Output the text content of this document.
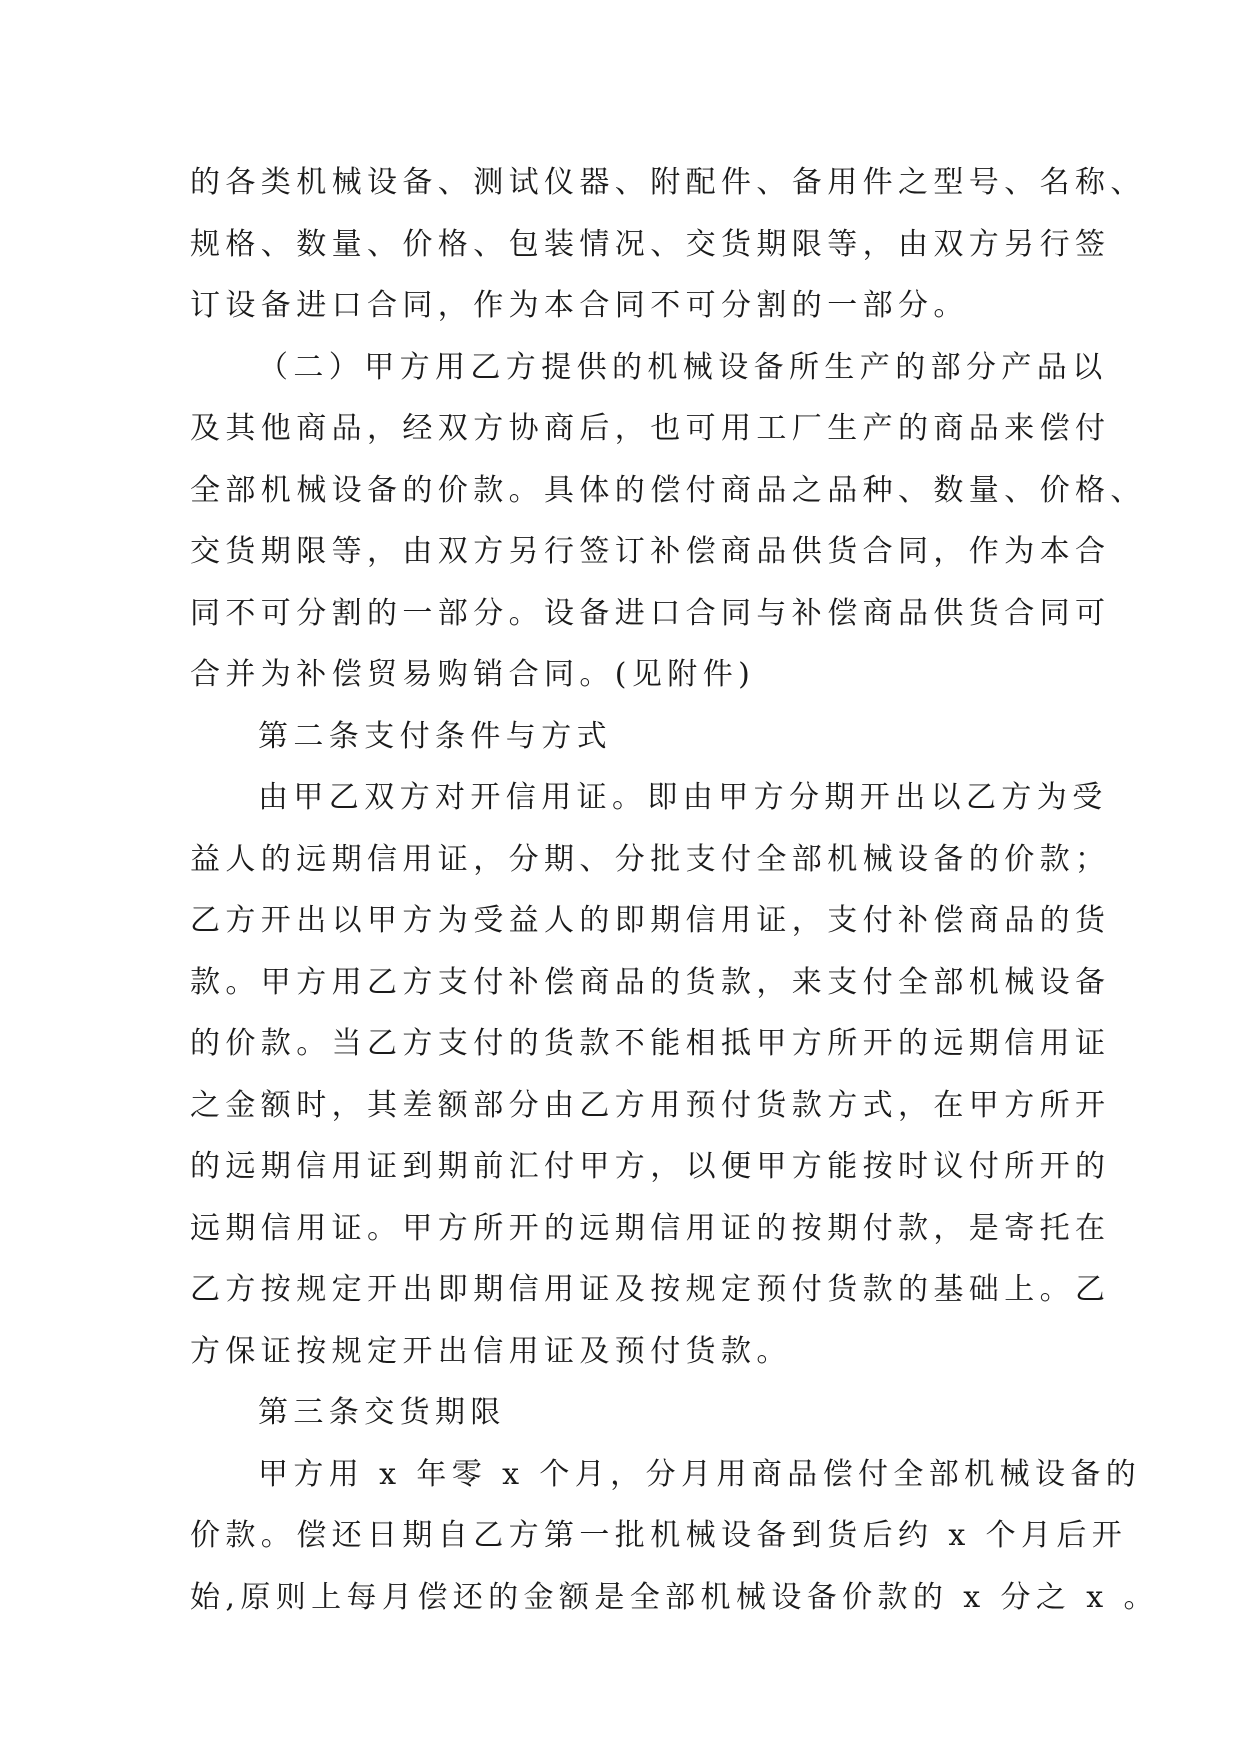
的各类机械设备、测试仪器、附配件、备用件之型号、名称、
规格、数量、价格、包装情况、交货期限等，由双方另行签
订设备进口合同，作为本合同不可分割的一部分。
（二）甲方用乙方提供的机械设备所生产的部分产品以
及其他商品，经双方协商后，也可用工厂生产的商品来偿付
全部机械设备的价款。具体的偿付商品之品种、数量、价格、
交货期限等，由双方另行签订补偿商品供货合同，作为本合
同不可分割的一部分。设备进口合同与补偿商品供货合同可
合并为补偿贸易购销合同。(见附件)
第二条支付条件与方式
由甲乙双方对开信用证。即由甲方分期开出以乙方为受
益人的远期信用证，分期、分批支付全部机械设备的价款；
乙方开出以甲方为受益人的即期信用证，支付补偿商品的货
款。甲方用乙方支付补偿商品的货款，来支付全部机械设备
的价款。当乙方支付的货款不能相抵甲方所开的远期信用证
之金额时，其差额部分由乙方用预付货款方式，在甲方所开
的远期信用证到期前汇付甲方，以便甲方能按时议付所开的
远期信用证。甲方所开的远期信用证的按期付款，是寄托在
乙方按规定开出即期信用证及按规定预付货款的基础上。乙
方保证按规定开出信用证及预付货款。
第三条交货期限
甲方用 x 年零 x 个月，分月用商品偿付全部机械设备的
价款。偿还日期自乙方第一批机械设备到货后约 x 个月后开
始,原则上每月偿还的金额是全部机械设备价款的 x 分之 x 。
